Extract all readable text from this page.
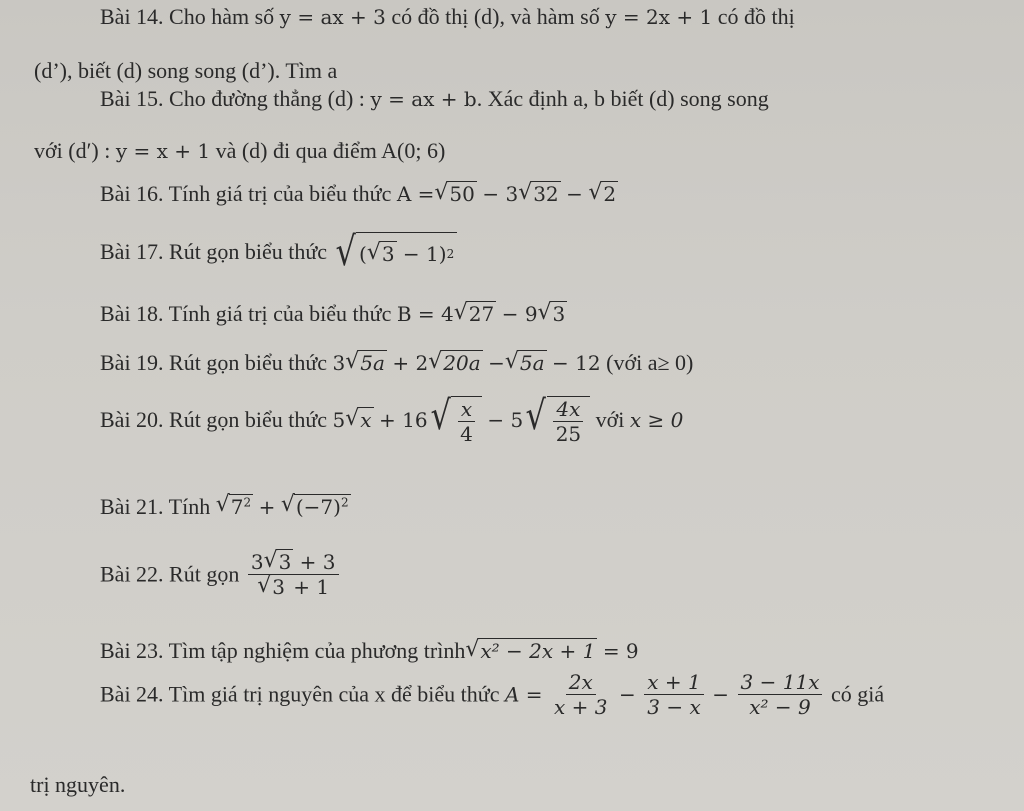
Bài 14. Cho hàm số y = ax + 3 có đồ thị (d), và hàm số y = 2x + 1 có đồ thị
(d’), biết (d) song song (d’). Tìm a
Bài 15. Cho đường thẳng (d) : y = ax + b. Xác định a, b biết (d) song song
với (d′) : y = x + 1 và (d) đi qua điểm A(0; 6)
Bài 16. Tính giá trị của biểu thức A = √ 50 − 3 √ 32 − √ 2
Bài 17. Rút gọn biểu thức √ ( √ 3
− 1 ) 2
Bài 18. Tính giá trị của biểu thức B = 4 √ 27 − 9 √ 3
Bài 19. Rút gọn biểu thức 3 √ 5a + 2 √ 20a − √ 5a − 12 (với a≥ 0)
Bài 20. Rút gọn biểu thức 5 √ x + 16 √ $\frac{x}{4} - 5$ √ $\frac{4x}{25}$ với x ≥ 0
Bài 21. Tính √ $7^2$ + √ $(-7)^2$
Bài 22. Rút gọn 3 √ 3 + 3
√ 3 + 1
Bài 23. Tìm tập nghiệm của phương trình √ x² − 2x + 1 = 9
Bài 24. Tìm giá trị nguyên của x để biểu thức $A = \frac{2x}{x + 3} - \frac{x + 1}{3 - x} - \frac{3 - 11x}{\text{x² − 9}}$ có giá
trị nguyên.
